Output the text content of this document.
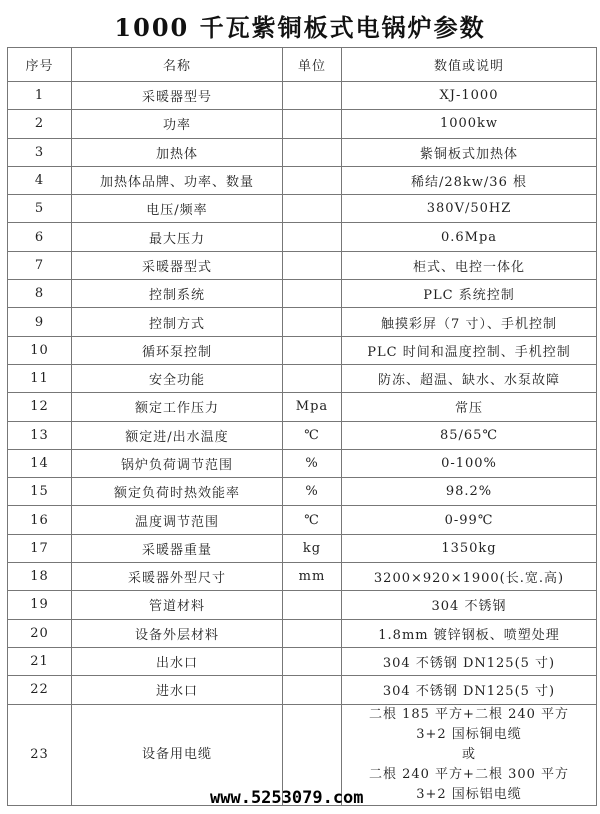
1000 千瓦紫铜板式电锅炉参数
序号	名称	单位	数值或说明
1	采暖器型号		XJ-1000
2	功率		1000kw
3	加热体		紫铜板式加热体
4	加热体品牌、功率、数量		稀结/28kw/36 根
5	电压/频率		380V/50HZ
6	最大压力		0.6Mpa
7	采暖器型式		柜式、电控一体化
8	控制系统		PLC 系统控制
9	控制方式		触摸彩屏（7 寸）、手机控制
10	循环泵控制		PLC 时间和温度控制、手机控制
11	安全功能		防冻、超温、缺水、水泵故障
12	额定工作压力	Mpa	常压
13	额定进/出水温度	℃	85/65℃
14	锅炉负荷调节范围	%	0-100%
15	额定负荷时热效能率	%	98.2%
16	温度调节范围	℃	0-99℃
17	采暖器重量	kg	1350kg
18	采暖器外型尺寸	mm	3200×920×1900(长.宽.高)
19	管道材料		304 不锈钢
20	设备外层材料		1.8mm 镀锌钢板、喷塑处理
21	出水口		304 不锈钢 DN125(5 寸)
22	进水口		304 不锈钢 DN125(5 寸)
23	设备用电缆		二根 185 平方+二根 240 平方
3+2 国标铜电缆
或
二根 240 平方+二根 300 平方
3+2 国标铝电缆
www.5253079.com
